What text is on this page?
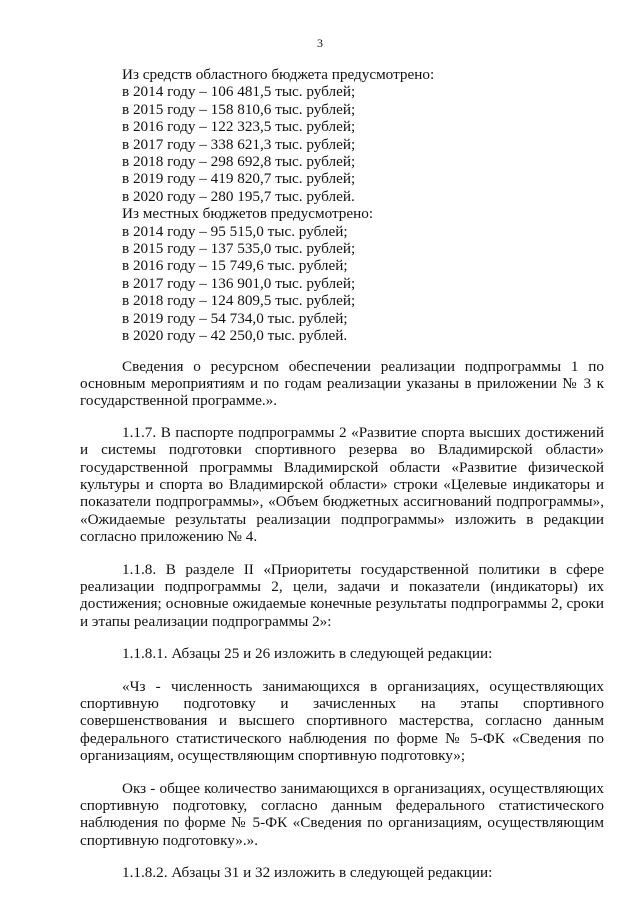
3
Из средств областного бюджета предусмотрено:
в 2014 году – 106 481,5 тыс. рублей;
в 2015 году – 158 810,6 тыс. рублей;
в 2016 году – 122 323,5 тыс. рублей;
в 2017 году – 338 621,3 тыс. рублей;
в 2018 году – 298 692,8 тыс. рублей;
в 2019 году – 419 820,7 тыс. рублей;
в 2020 году – 280 195,7 тыс. рублей.
Из местных бюджетов предусмотрено:
в 2014 году – 95 515,0 тыс. рублей;
в 2015 году – 137 535,0 тыс. рублей;
в 2016 году – 15 749,6 тыс. рублей;
в 2017 году – 136 901,0 тыс. рублей;
в 2018 году – 124 809,5 тыс. рублей;
в 2019 году – 54 734,0 тыс. рублей;
в 2020 году – 42 250,0 тыс. рублей.

Сведения о ресурсном обеспечении реализации подпрограммы 1 по основным мероприятиям и по годам реализации указаны в приложении № 3 к государственной программе.».

1.1.7. В паспорте подпрограммы 2 «Развитие спорта высших достижений и системы подготовки спортивного резерва во Владимирской области» государственной программы Владимирской области «Развитие физической культуры и спорта во Владимирской области» строки «Целевые индикаторы и показатели подпрограммы», «Объем бюджетных ассигнований подпрограммы», «Ожидаемые результаты реализации подпрограммы» изложить в редакции согласно приложению № 4.

1.1.8. В разделе II «Приоритеты государственной политики в сфере реализации подпрограммы 2, цели, задачи и показатели (индикаторы) их достижения; основные ожидаемые конечные результаты подпрограммы 2, сроки и этапы реализации подпрограммы 2»:

1.1.8.1. Абзацы 25 и 26 изложить в следующей редакции:

«Чз - численность занимающихся в организациях, осуществляющих спортивную подготовку и зачисленных на этапы спортивного совершенствования и высшего спортивного мастерства, согласно данным федерального статистического наблюдения по форме № 5-ФК «Сведения по организациям, осуществляющим спортивную подготовку»;

Окз - общее количество занимающихся в организациях, осуществляющих спортивную подготовку, согласно данным федерального статистического наблюдения по форме № 5-ФК «Сведения по организациям, осуществляющим спортивную подготовку».».

1.1.8.2. Абзацы 31 и 32 изложить в следующей редакции:
